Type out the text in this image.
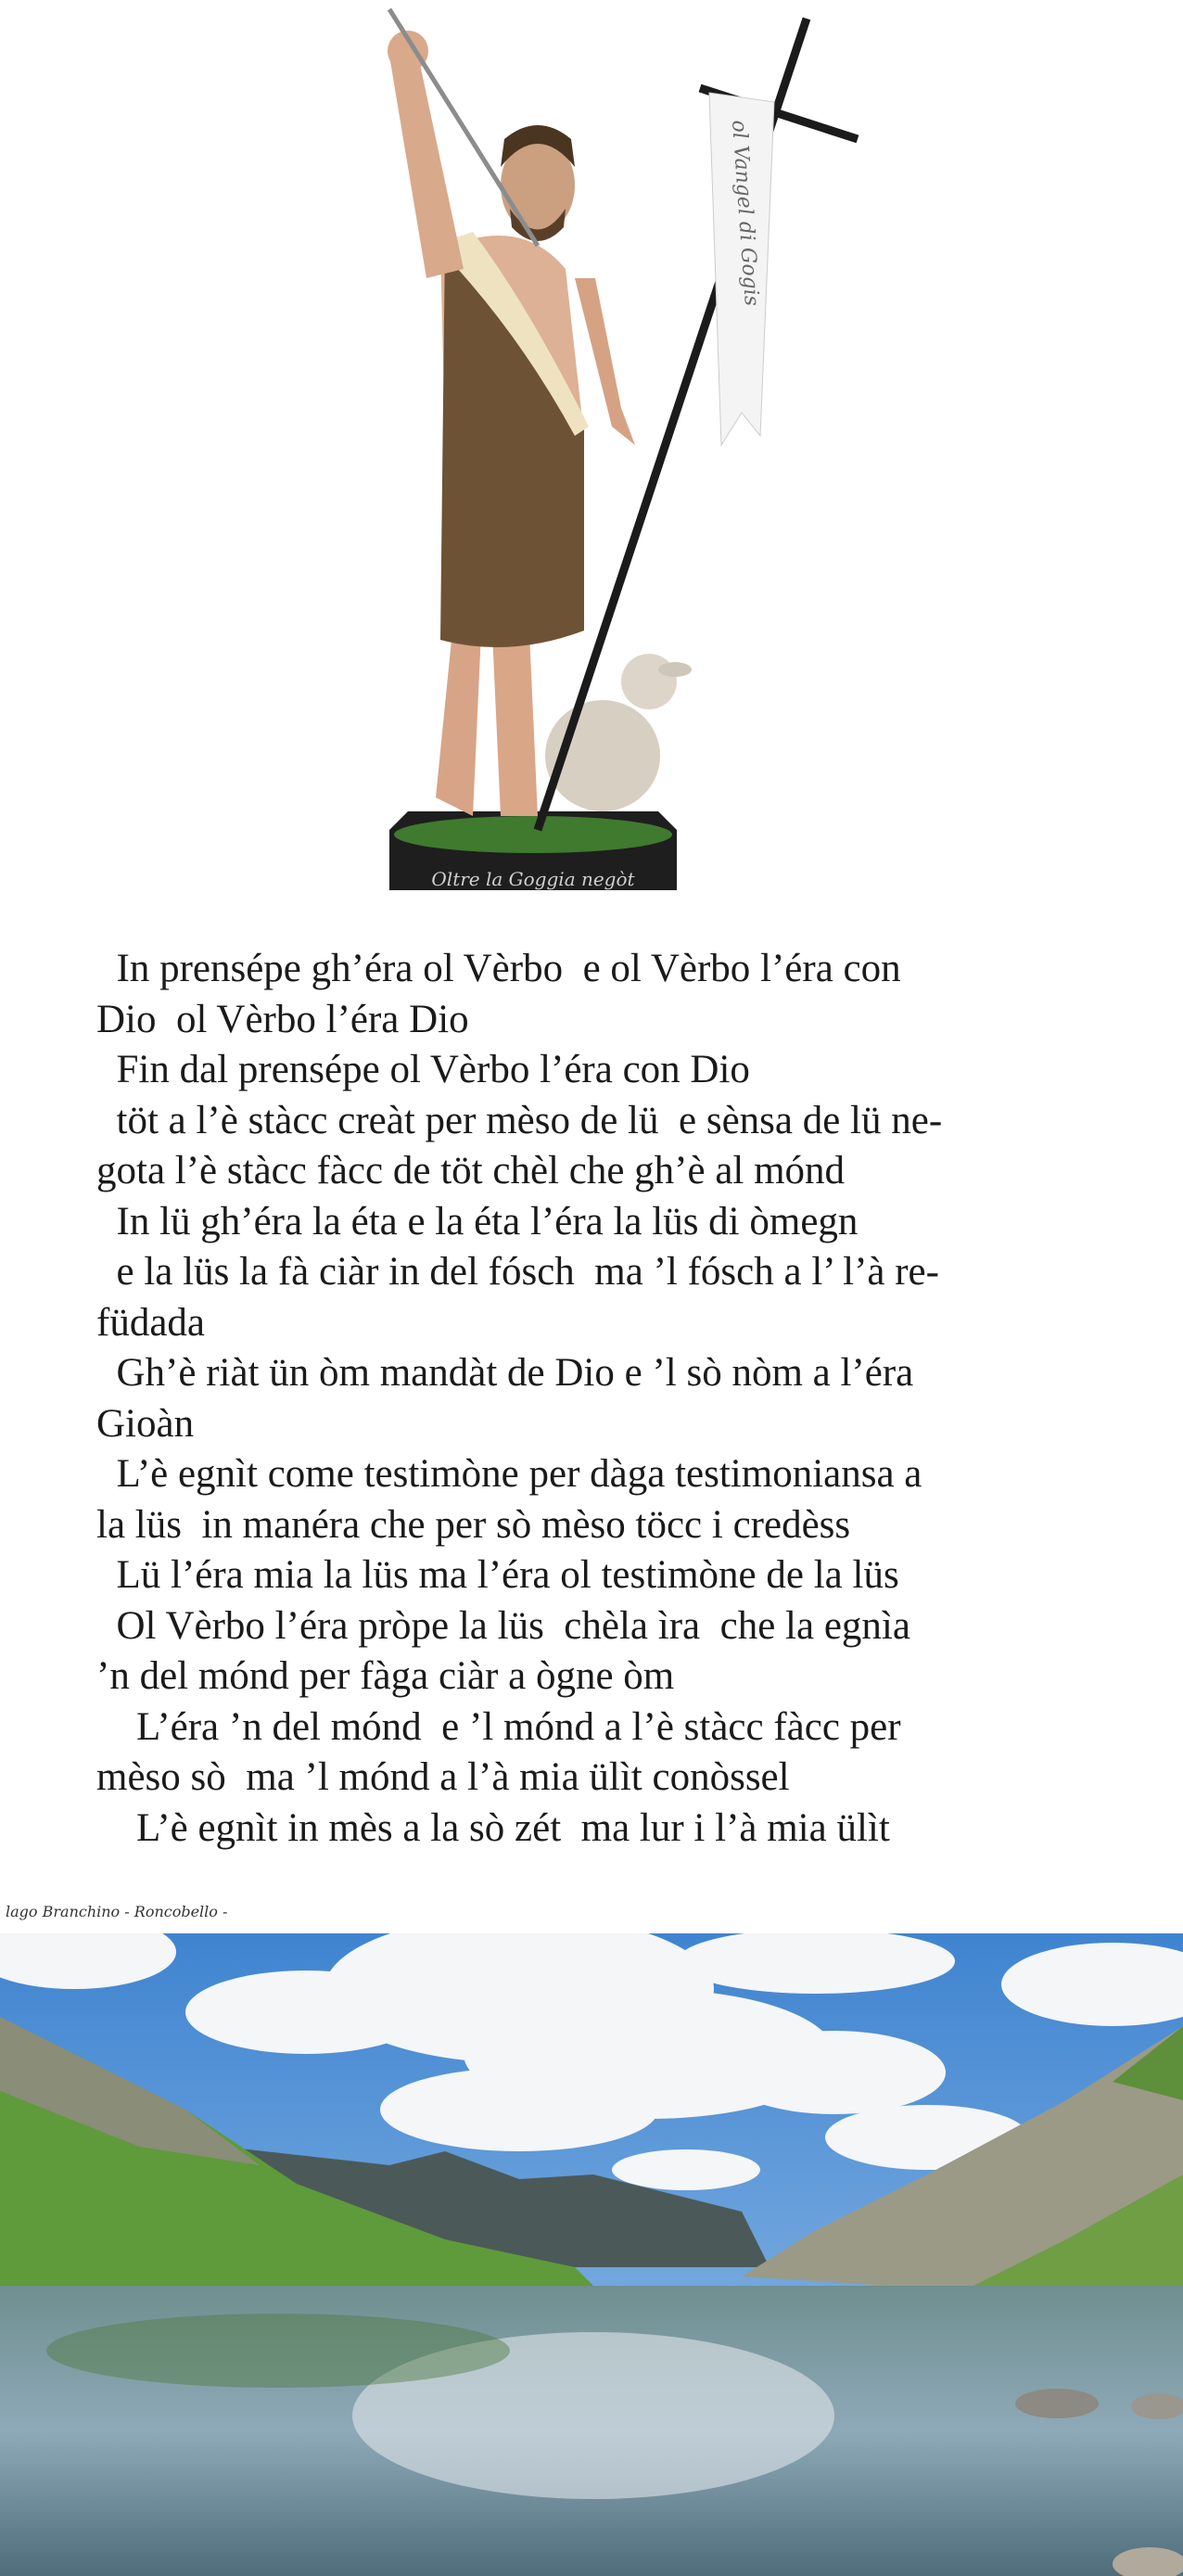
Oltre la Goggia negòt
ol Vangel di Gogis
In prensépe gh’éra ol Vèrbo  e ol Vèrbo l’éra con
Dio  ol Vèrbo l’éra Dio
Fin dal prensépe ol Vèrbo l’éra con Dio
töt a l’è stàcc creàt per mèso de lü  e sènsa de lü ne-
gota l’è stàcc fàcc de töt chèl che gh’è al mónd
In lü gh’éra la éta e la éta l’éra la lüs di òmegn
e la lüs la fà ciàr in del fósch  ma ’l fósch a l’ l’à re-
füdada
Gh’è riàt ün òm mandàt de Dio e ’l sò nòm a l’éra
Gioàn
L’è egnìt come testimòne per dàga testimoniansa a
la lüs  in manéra che per sò mèso töcc i credèss
Lü l’éra mia la lüs ma l’éra ol testimòne de la lüs
Ol Vèrbo l’éra pròpe la lüs  chèla ìra  che la egnìa
’n del mónd per fàga ciàr a ògne òm
L’éra ’n del mónd  e ’l mónd a l’è stàcc fàcc per
mèso sò  ma ’l mónd a l’à mia ülìt conòssel
L’è egnìt in mès a la sò zét  ma lur i l’à mia ülìt
lago Branchino - Roncobello -
